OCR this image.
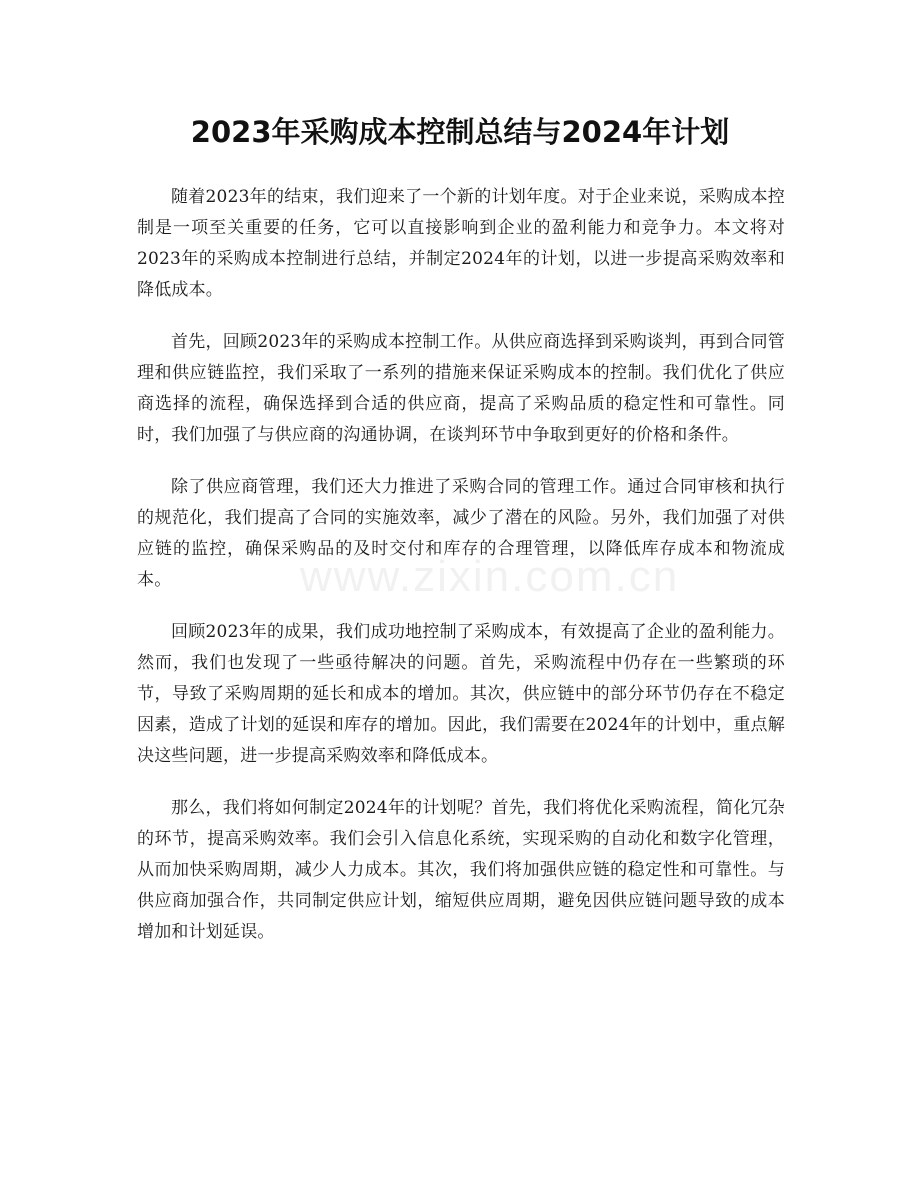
2023年采购成本控制总结与2024年计划

随着2023年的结束，我们迎来了一个新的计划年度。对于企业来说，采购成本控制是一项至关重要的任务，它可以直接影响到企业的盈利能力和竞争力。本文将对2023年的采购成本控制进行总结，并制定2024年的计划，以进一步提高采购效率和降低成本。

首先，回顾2023年的采购成本控制工作。从供应商选择到采购谈判，再到合同管理和供应链监控，我们采取了一系列的措施来保证采购成本的控制。我们优化了供应商选择的流程，确保选择到合适的供应商，提高了采购品质的稳定性和可靠性。同时，我们加强了与供应商的沟通协调，在谈判环节中争取到更好的价格和条件。

除了供应商管理，我们还大力推进了采购合同的管理工作。通过合同审核和执行的规范化，我们提高了合同的实施效率，减少了潜在的风险。另外，我们加强了对供应链的监控，确保采购品的及时交付和库存的合理管理，以降低库存成本和物流成本。

回顾2023年的成果，我们成功地控制了采购成本，有效提高了企业的盈利能力。然而，我们也发现了一些亟待解决的问题。首先，采购流程中仍存在一些繁琐的环节，导致了采购周期的延长和成本的增加。其次，供应链中的部分环节仍存在不稳定因素，造成了计划的延误和库存的增加。因此，我们需要在2024年的计划中，重点解决这些问题，进一步提高采购效率和降低成本。

那么，我们将如何制定2024年的计划呢？首先，我们将优化采购流程，简化冗杂的环节，提高采购效率。我们会引入信息化系统，实现采购的自动化和数字化管理，从而加快采购周期，减少人力成本。其次，我们将加强供应链的稳定性和可靠性。与供应商加强合作，共同制定供应计划，缩短供应周期，避免因供应链问题导致的成本增加和计划延误。

www.zixin.com.cn
